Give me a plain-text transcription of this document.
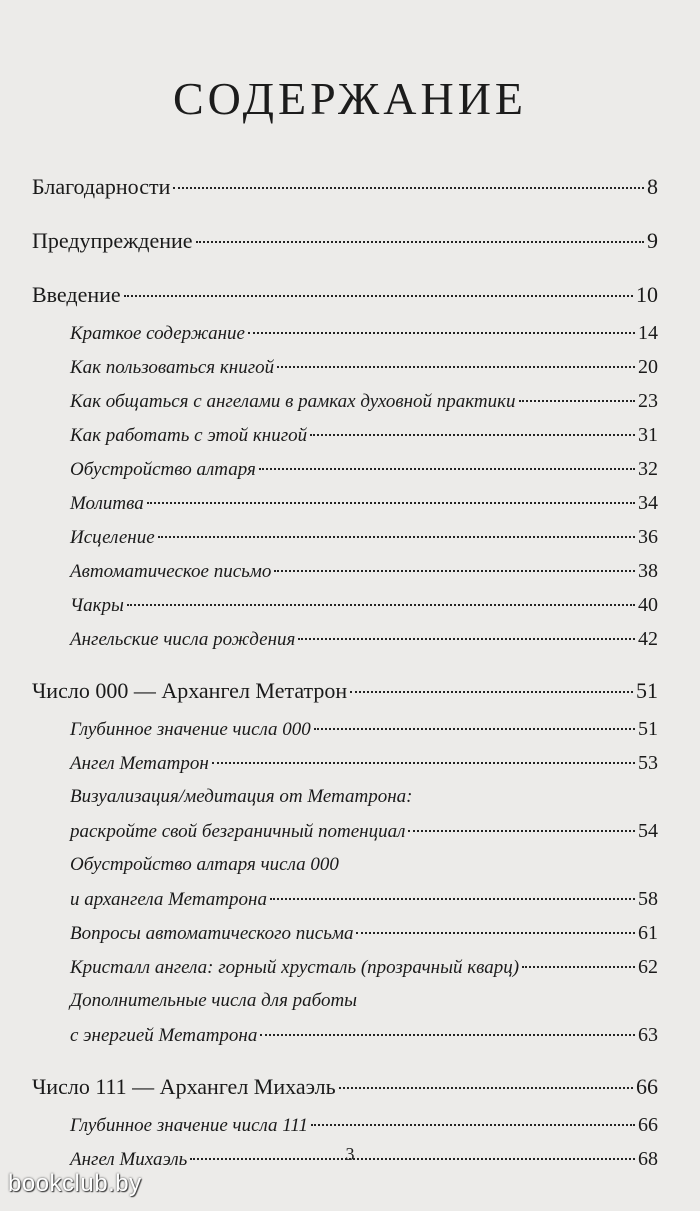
СОДЕРЖАНИЕ
Благодарности	8
Предупреждение	9
Введение	10
Краткое содержание	14
Как пользоваться книгой	20
Как общаться с ангелами в рамках духовной практики	23
Как работать с этой книгой	31
Обустройство алтаря	32
Молитва	34
Исцеление	36
Автоматическое письмо	38
Чакры	40
Ангельские числа рождения	42
Число 000 — Архангел Метатрон	51
Глубинное значение числа 000	51
Ангел Метатрон	53
Визуализация/медитация от Метатрона:
раскройте свой безграничный потенциал	54
Обустройство алтаря числа 000
и архангела Метатрона	58
Вопросы автоматического письма	61
Кристалл ангела: горный хрусталь (прозрачный кварц)	62
Дополнительные числа для работы
с энергией Метатрона	63
Число 111 — Архангел Михаэль	66
Глубинное значение числа 111	66
Ангел Михаэль	68
3
bookclub.by
